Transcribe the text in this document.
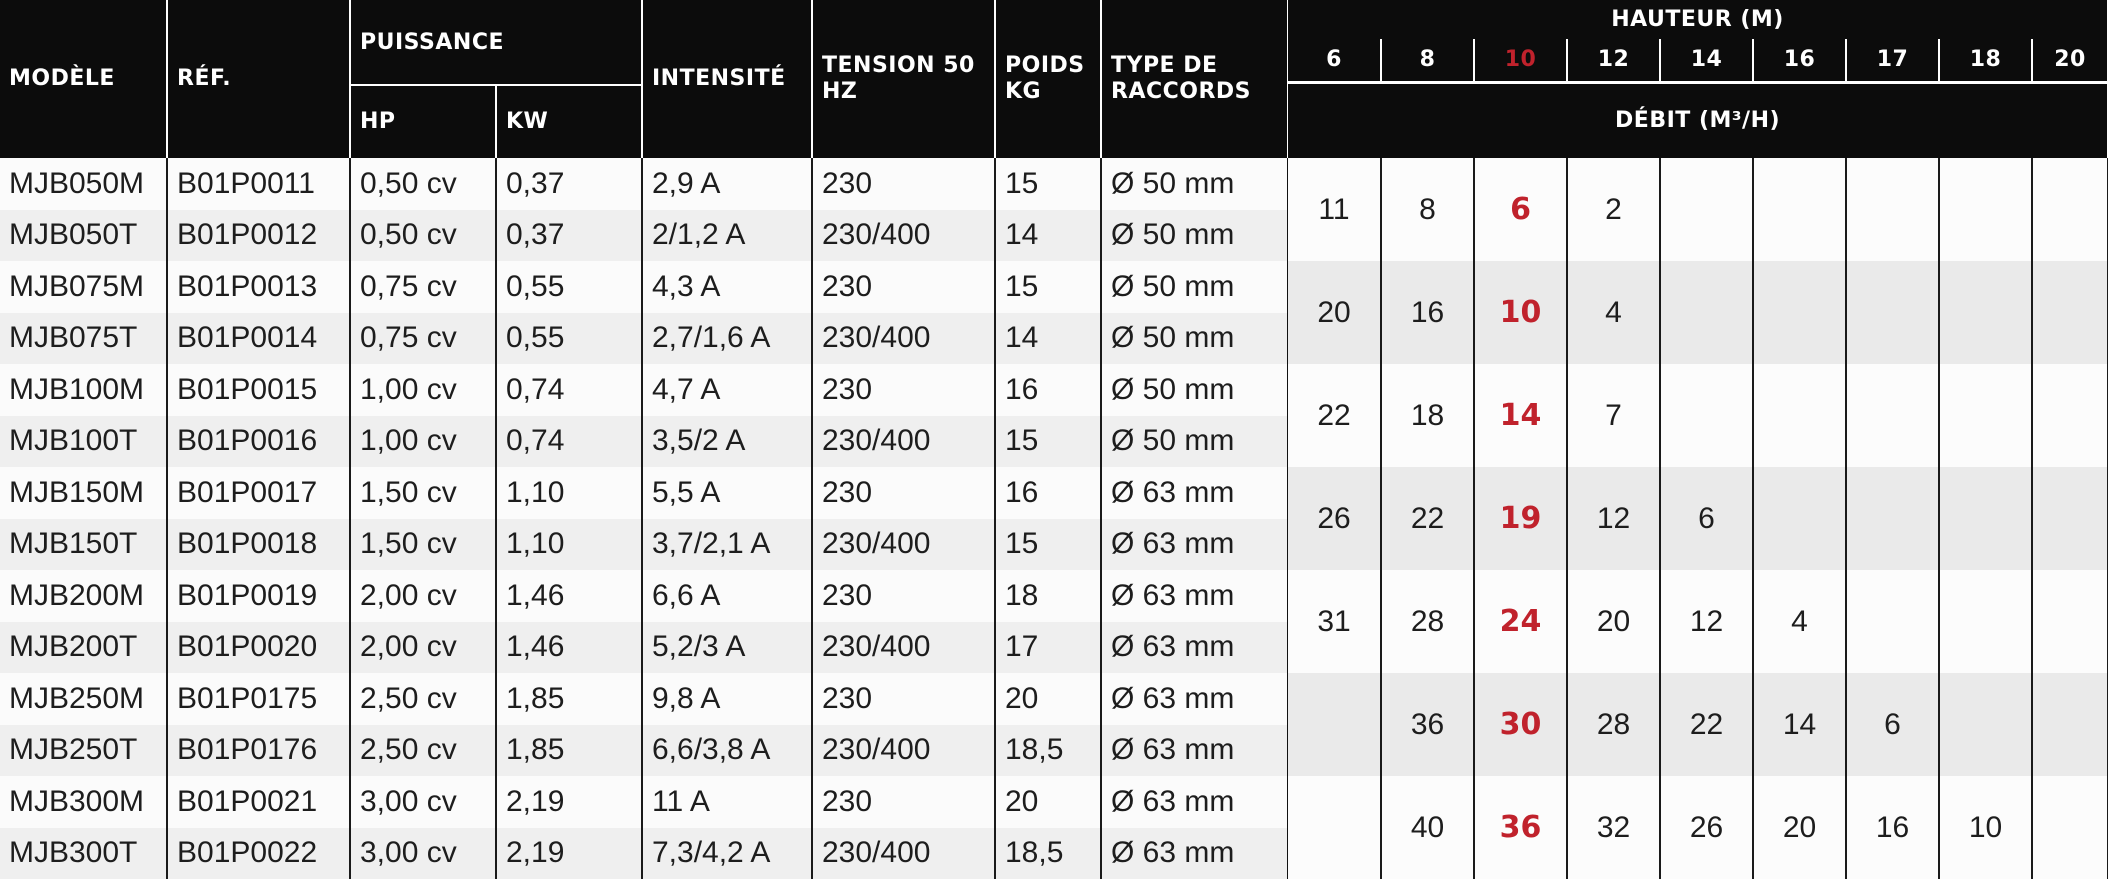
MODÈLE	RÉF.	PUISSANCE		INTENSITÉ	TENSION 50 HZ	POIDS KG	TYPE DE RACCORDS
		HP	KW				
MJB050M	B01P0011	0,50 cv	0,37	2,9 A	230	15	Ø 50 mm
MJB050T	B01P0012	0,50 cv	0,37	2/1,2 A	230/400	14	Ø 50 mm
MJB075M	B01P0013	0,75 cv	0,55	4,3 A	230	15	Ø 50 mm
MJB075T	B01P0014	0,75 cv	0,55	2,7/1,6 A	230/400	14	Ø 50 mm
MJB100M	B01P0015	1,00 cv	0,74	4,7 A	230	16	Ø 50 mm
MJB100T	B01P0016	1,00 cv	0,74	3,5/2 A	230/400	15	Ø 50 mm
MJB150M	B01P0017	1,50 cv	1,10	5,5 A	230	16	Ø 63 mm
MJB150T	B01P0018	1,50 cv	1,10	3,7/2,1 A	230/400	15	Ø 63 mm
MJB200M	B01P0019	2,00 cv	1,46	6,6 A	230	18	Ø 63 mm
MJB200T	B01P0020	2,00 cv	1,46	5,2/3 A	230/400	17	Ø 63 mm
MJB250M	B01P0175	2,50 cv	1,85	9,8 A	230	20	Ø 63 mm
MJB250T	B01P0176	2,50 cv	1,85	6,6/3,8 A	230/400	18,5	Ø 63 mm
MJB300M	B01P0021	3,00 cv	2,19	11 A	230	20	Ø 63 mm
MJB300T	B01P0022	3,00 cv	2,19	7,3/4,2 A	230/400	18,5	Ø 63 mm
HAUTEUR (M)								
6	8	10	12	14	16	17	18	20
DÉBIT (M³/H)								
11	8	6	2					
20	16	10	4					
22	18	14	7					
26	22	19	12	6				
31	28	24	20	12	4			
	36	30	28	22	14	6		
	40	36	32	26	20	16	10	
